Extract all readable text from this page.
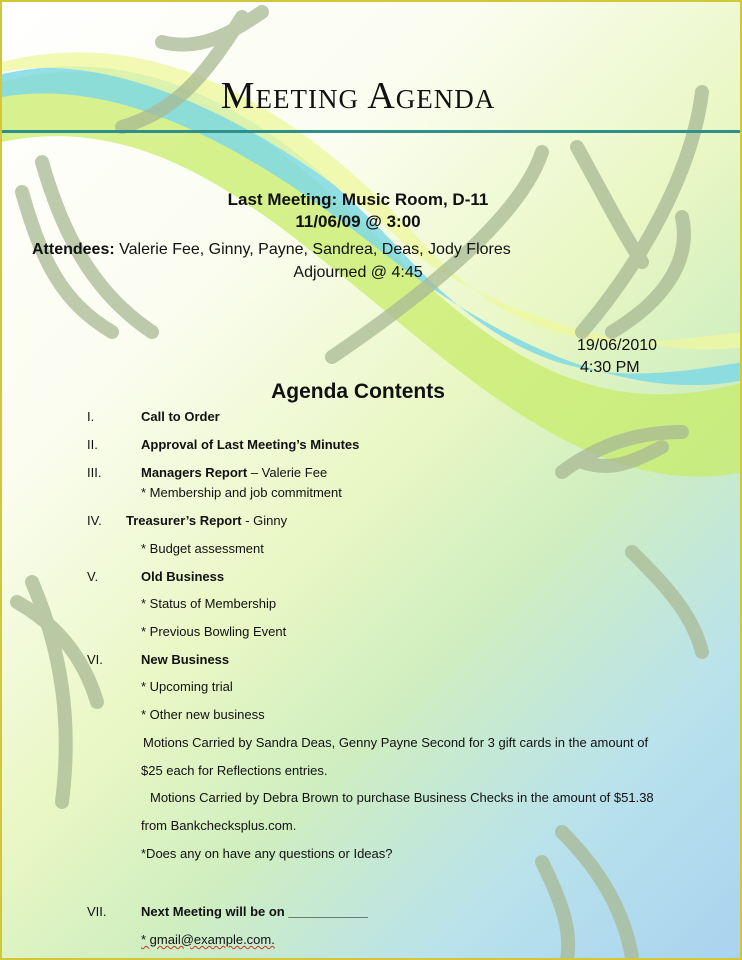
Meeting Agenda
Last Meeting: Music Room, D-11
11/06/09 @ 3:00
Attendees: Valerie Fee, Ginny, Payne, Sandrea, Deas, Jody Flores
Adjourned @ 4:45
19/06/2010
4:30 PM
Agenda Contents
I.	Call to Order
II.	Approval of Last Meeting’s Minutes
III.	Managers Report – Valerie Fee
* Membership and job commitment
IV. Treasurer’s Report - Ginny
* Budget assessment
V.	Old Business
* Status of Membership
* Previous Bowling Event
VI.	New Business
* Upcoming trial
* Other new business
Motions Carried by Sandra Deas, Genny Payne Second for 3 gift cards in the amount of
$25 each for Reflections entries.
Motions Carried by Debra Brown to purchase Business Checks in the amount of $51.38
from Bankchecksplus.com.
*Does any on have any questions or Ideas?
VII.	Next Meeting will be on ___________
* gmail@example.com.
